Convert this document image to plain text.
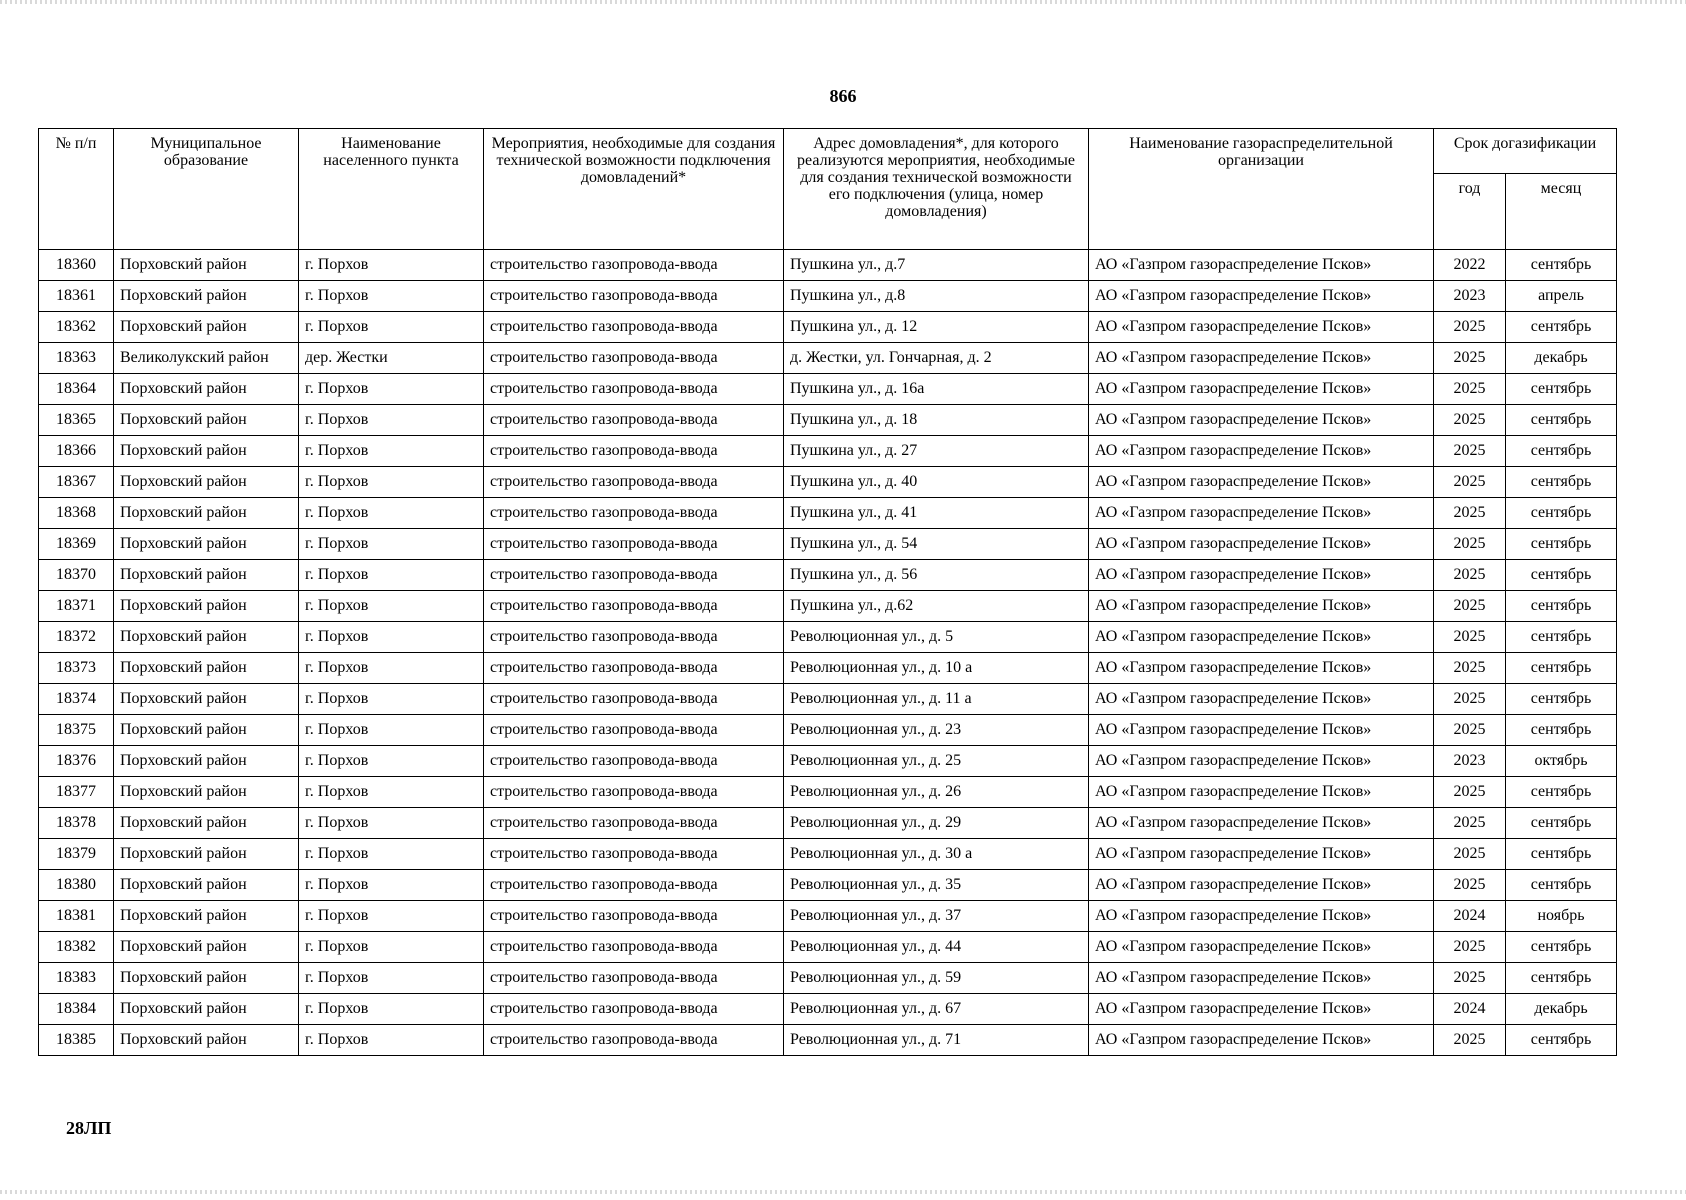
866
№ п/п	Муниципальное образование	Наименование населенного пункта	Мероприятия, необходимые для создания технической возможности подключения домовладений*	Адрес домовладения*, для которого реализуются мероприятия, необходимые для создания технической возможности его подключения (улица, номер домовладения)	Наименование газораспределительной организации	Срок догазификации	
						год	месяц
18360	Порховский район	г. Порхов	строительство газопровода-ввода	Пушкина ул., д.7	АО «Газпром газораспределение Псков»	2022	сентябрь
18361	Порховский район	г. Порхов	строительство газопровода-ввода	Пушкина ул., д.8	АО «Газпром газораспределение Псков»	2023	апрель
18362	Порховский район	г. Порхов	строительство газопровода-ввода	Пушкина ул., д. 12	АО «Газпром газораспределение Псков»	2025	сентябрь
18363	Великолукский район	дер. Жестки	строительство газопровода-ввода	д. Жестки, ул. Гончарная, д. 2	АО «Газпром газораспределение Псков»	2025	декабрь
18364	Порховский район	г. Порхов	строительство газопровода-ввода	Пушкина ул., д. 16а	АО «Газпром газораспределение Псков»	2025	сентябрь
18365	Порховский район	г. Порхов	строительство газопровода-ввода	Пушкина ул., д. 18	АО «Газпром газораспределение Псков»	2025	сентябрь
18366	Порховский район	г. Порхов	строительство газопровода-ввода	Пушкина ул., д. 27	АО «Газпром газораспределение Псков»	2025	сентябрь
18367	Порховский район	г. Порхов	строительство газопровода-ввода	Пушкина ул., д. 40	АО «Газпром газораспределение Псков»	2025	сентябрь
18368	Порховский район	г. Порхов	строительство газопровода-ввода	Пушкина ул., д. 41	АО «Газпром газораспределение Псков»	2025	сентябрь
18369	Порховский район	г. Порхов	строительство газопровода-ввода	Пушкина ул., д. 54	АО «Газпром газораспределение Псков»	2025	сентябрь
18370	Порховский район	г. Порхов	строительство газопровода-ввода	Пушкина ул., д. 56	АО «Газпром газораспределение Псков»	2025	сентябрь
18371	Порховский район	г. Порхов	строительство газопровода-ввода	Пушкина ул., д.62	АО «Газпром газораспределение Псков»	2025	сентябрь
18372	Порховский район	г. Порхов	строительство газопровода-ввода	Революционная ул., д. 5	АО «Газпром газораспределение Псков»	2025	сентябрь
18373	Порховский район	г. Порхов	строительство газопровода-ввода	Революционная ул., д. 10 а	АО «Газпром газораспределение Псков»	2025	сентябрь
18374	Порховский район	г. Порхов	строительство газопровода-ввода	Революционная ул., д. 11 а	АО «Газпром газораспределение Псков»	2025	сентябрь
18375	Порховский район	г. Порхов	строительство газопровода-ввода	Революционная ул., д. 23	АО «Газпром газораспределение Псков»	2025	сентябрь
18376	Порховский район	г. Порхов	строительство газопровода-ввода	Революционная ул., д. 25	АО «Газпром газораспределение Псков»	2023	октябрь
18377	Порховский район	г. Порхов	строительство газопровода-ввода	Революционная ул., д. 26	АО «Газпром газораспределение Псков»	2025	сентябрь
18378	Порховский район	г. Порхов	строительство газопровода-ввода	Революционная ул., д. 29	АО «Газпром газораспределение Псков»	2025	сентябрь
18379	Порховский район	г. Порхов	строительство газопровода-ввода	Революционная ул., д. 30 а	АО «Газпром газораспределение Псков»	2025	сентябрь
18380	Порховский район	г. Порхов	строительство газопровода-ввода	Революционная ул., д. 35	АО «Газпром газораспределение Псков»	2025	сентябрь
18381	Порховский район	г. Порхов	строительство газопровода-ввода	Революционная ул., д. 37	АО «Газпром газораспределение Псков»	2024	ноябрь
18382	Порховский район	г. Порхов	строительство газопровода-ввода	Революционная ул., д. 44	АО «Газпром газораспределение Псков»	2025	сентябрь
18383	Порховский район	г. Порхов	строительство газопровода-ввода	Революционная ул., д. 59	АО «Газпром газораспределение Псков»	2025	сентябрь
18384	Порховский район	г. Порхов	строительство газопровода-ввода	Революционная ул., д. 67	АО «Газпром газораспределение Псков»	2024	декабрь
18385	Порховский район	г. Порхов	строительство газопровода-ввода	Революционная ул., д. 71	АО «Газпром газораспределение Псков»	2025	сентябрь
28ЛП
